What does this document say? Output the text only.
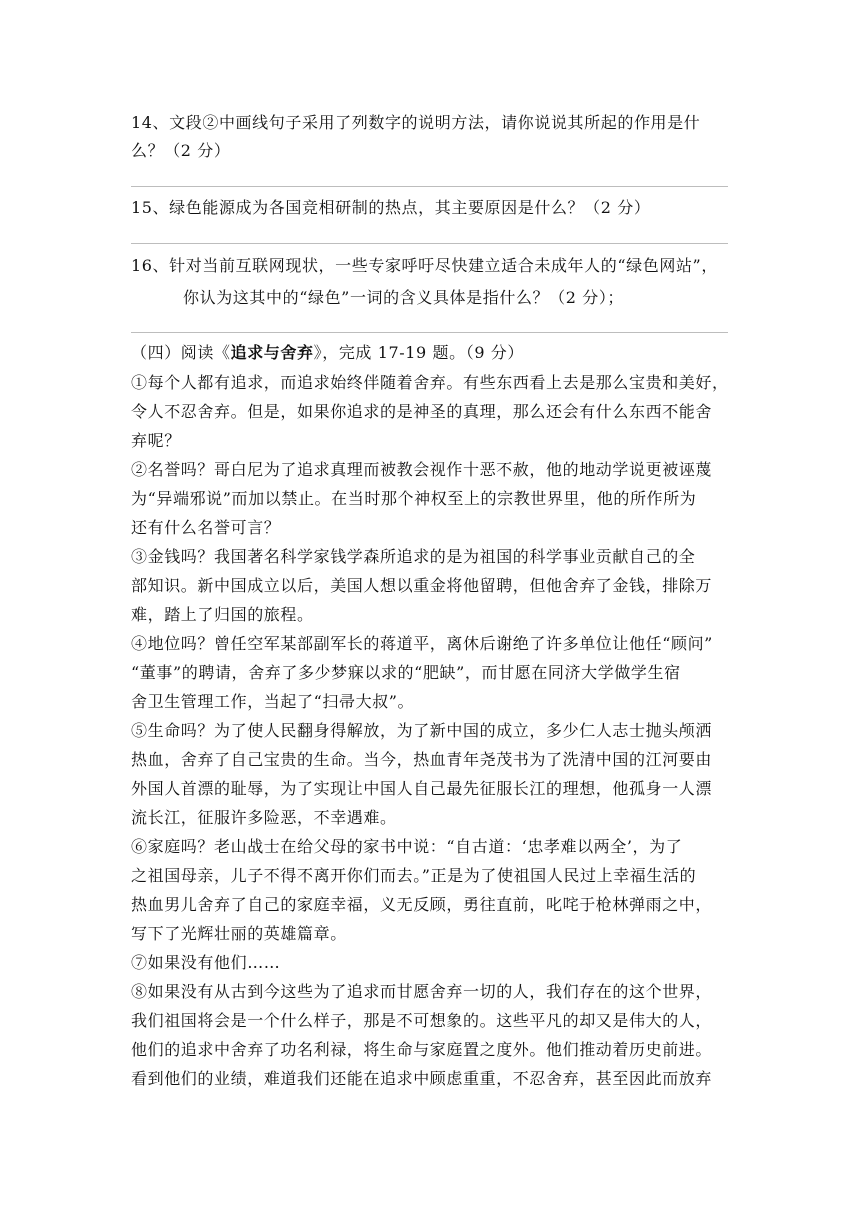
14、文段②中画线句子采用了列数字的说明方法，请你说说其所起的作用是什
么？（2 分）
15、绿色能源成为各国竞相研制的热点，其主要原因是什么？（2 分）
16、针对当前互联网现状，一些专家呼吁尽快建立适合未成年人的“绿色网站”，
你认为这其中的“绿色”一词的含义具体是指什么？（2 分）；
（四）阅读《追求与舍弃》，完成 17-19 题。（9 分）
①每个人都有追求，而追求始终伴随着舍弃。有些东西看上去是那么宝贵和美好，
令人不忍舍弃。但是，如果你追求的是神圣的真理，那么还会有什么东西不能舍
弃呢？
②名誉吗？哥白尼为了追求真理而被教会视作十恶不赦，他的地动学说更被诬蔑
为“异端邪说”而加以禁止。在当时那个神权至上的宗教世界里，他的所作所为
还有什么名誉可言？
③金钱吗？我国著名科学家钱学森所追求的是为祖国的科学事业贡献自己的全
部知识。新中国成立以后，美国人想以重金将他留聘，但他舍弃了金钱，排除万
难，踏上了归国的旅程。
④地位吗？曾任空军某部副军长的蒋道平，离休后谢绝了许多单位让他任“顾问”
“董事”的聘请，舍弃了多少梦寐以求的“肥缺”，而甘愿在同济大学做学生宿
舍卫生管理工作，当起了“扫帚大叔”。
⑤生命吗？为了使人民翻身得解放，为了新中国的成立，多少仁人志士抛头颅洒
热血，舍弃了自己宝贵的生命。当今，热血青年尧茂书为了洗清中国的江河要由
外国人首漂的耻辱，为了实现让中国人自己最先征服长江的理想，他孤身一人漂
流长江，征服许多险恶，不幸遇难。
⑥家庭吗？老山战士在给父母的家书中说：“自古道：‘忠孝难以两全’，为了
之祖国母亲，儿子不得不离开你们而去。”正是为了使祖国人民过上幸福生活的
热血男儿舍弃了自己的家庭幸福，义无反顾，勇往直前，叱咤于枪林弹雨之中，
写下了光辉壮丽的英雄篇章。
⑦如果没有他们……
⑧如果没有从古到今这些为了追求而甘愿舍弃一切的人，我们存在的这个世界，
我们祖国将会是一个什么样子，那是不可想象的。这些平凡的却又是伟大的人，
他们的追求中舍弃了功名利禄，将生命与家庭置之度外。他们推动着历史前进。
看到他们的业绩，难道我们还能在追求中顾虑重重，不忍舍弃，甚至因此而放弃
